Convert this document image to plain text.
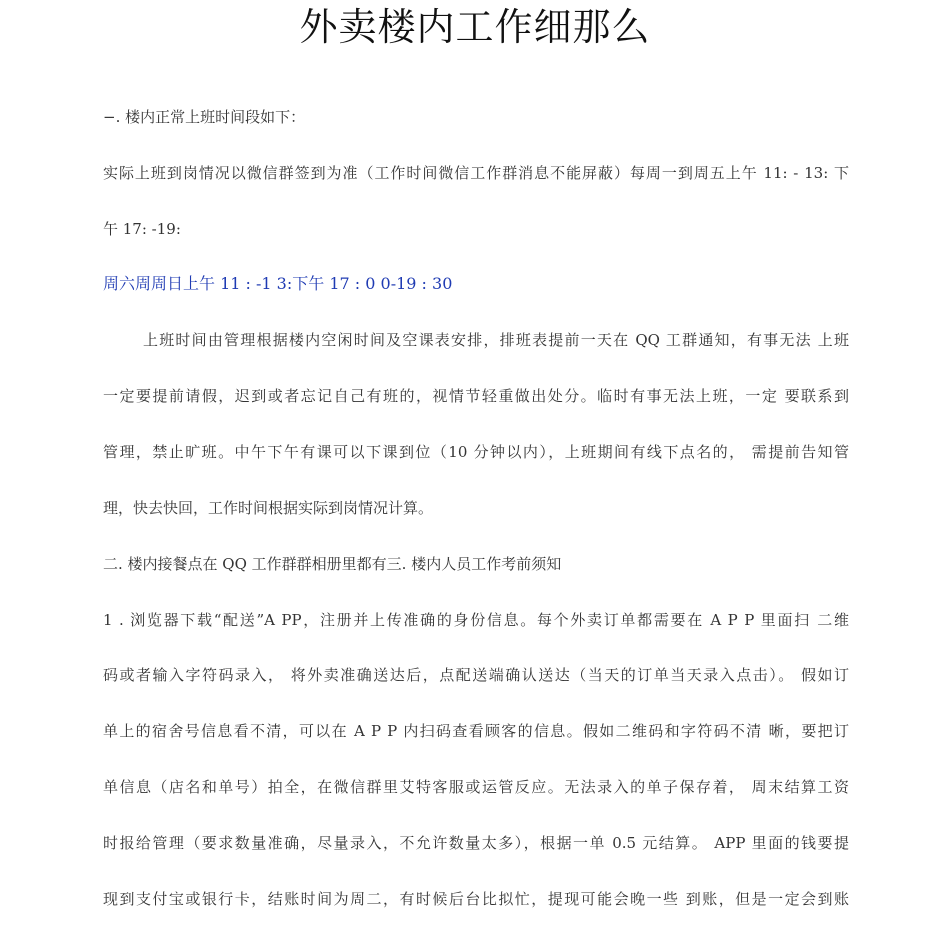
外卖楼内工作细那么
−. 楼内正常上班时间段如下：
实际上班到岗情况以微信群签到为准（工作时间微信工作群消息不能屏蔽）每周一到周五上午 11: - 13: 下
午 17: -19:
周六周周日上午 11 : -1 3:下午 17 : 0 0-19 : 30
上班时间由管理根据楼内空闲时间及空课表安排，排班表提前一天在 QQ 工群通知，有事无法 上班
一定要提前请假，迟到或者忘记自己有班的，视情节轻重做出处分。临时有事无法上班，一定 要联系到
管理，禁止旷班。中午下午有课可以下课到位（10 分钟以内），上班期间有线下点名的， 需提前告知管
理，快去快回，工作时间根据实际到岗情况计算。
二. 楼内接餐点在 QQ 工作群群相册里都有三. 楼内人员工作考前须知
1 . 浏览器下载“配送”A PP，注册并上传准确的身份信息。每个外卖订单都需要在 A P P 里面扫 二维
码或者输入字符码录入， 将外卖准确送达后，点配送端确认送达（当天的订单当天录入点击）。 假如订
单上的宿舍号信息看不清，可以在 A P P 内扫码查看顾客的信息。假如二维码和字符码不清 晰，要把订
单信息（店名和单号）拍全，在微信群里艾特客服或运管反应。无法录入的单子保存着， 周末结算工资
时报给管理（要求数量准确，尽量录入，不允许数量太多），根据一单 0.5 元结算。 APP 里面的钱要提
现到支付宝或银行卡，结账时间为周二，有时候后台比拟忙，提现可能会晚一些 到账，但是一定会到账
